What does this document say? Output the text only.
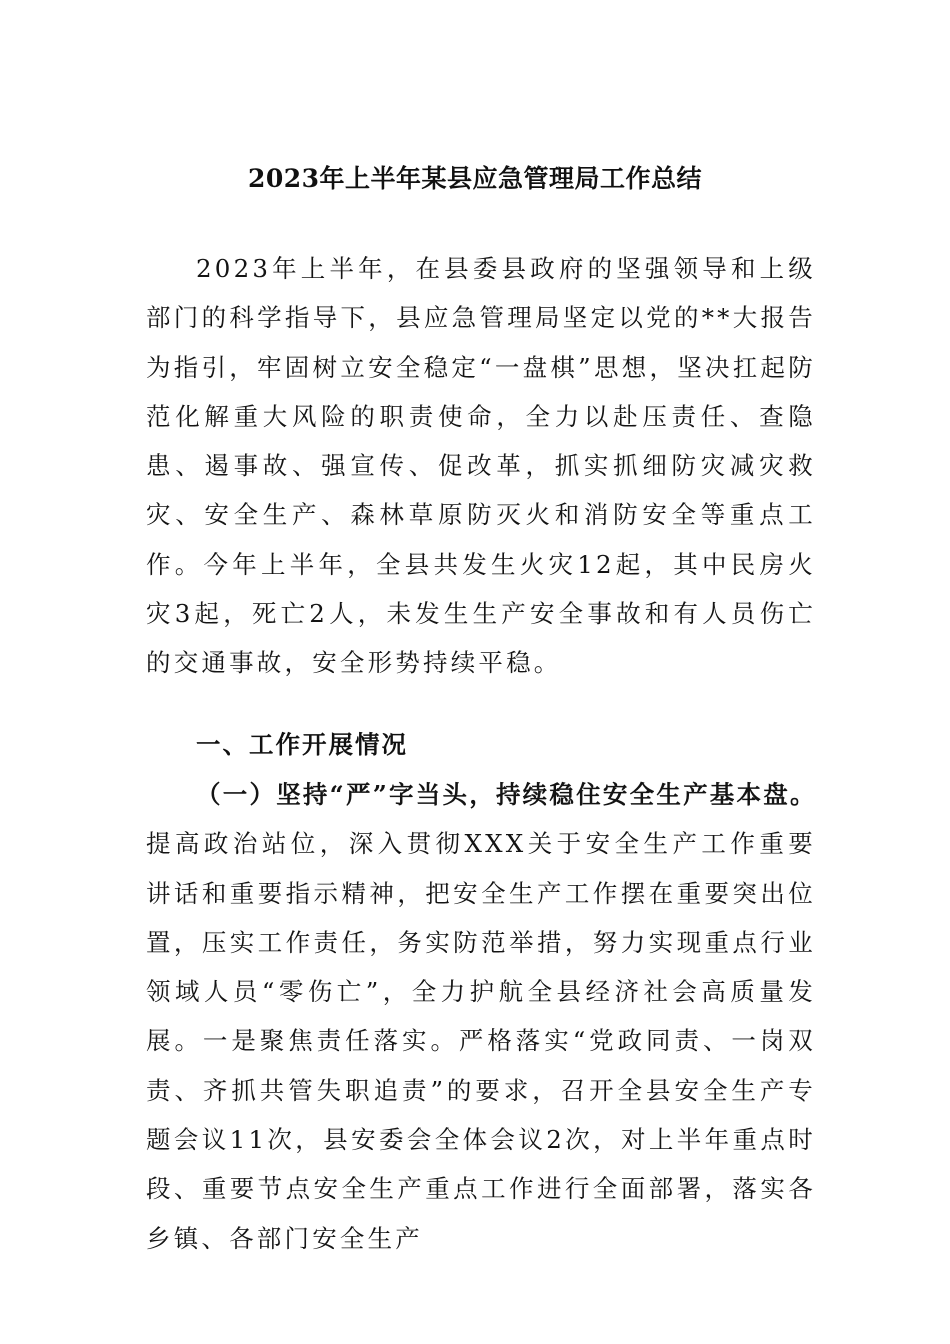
2023年上半年某县应急管理局工作总结

2023年上半年，在县委县政府的坚强领导和上级部门的科学指导下，县应急管理局坚定以党的**大报告为指引，牢固树立安全稳定“一盘棋”思想，坚决扛起防范化解重大风险的职责使命，全力以赴压责任、查隐患、遏事故、强宣传、促改革，抓实抓细防灾减灾救灾、安全生产、森林草原防灭火和消防安全等重点工作。今年上半年，全县共发生火灾12起，其中民房火灾3起，死亡2人，未发生生产安全事故和有人员伤亡的交通事故，安全形势持续平稳。

一、工作开展情况

（一）坚持“严”字当头，持续稳住安全生产基本盘。提高政治站位，深入贯彻XXX关于安全生产工作重要讲话和重要指示精神，把安全生产工作摆在重要突出位置，压实工作责任，务实防范举措，努力实现重点行业领域人员“零伤亡”，全力护航全县经济社会高质量发展。一是聚焦责任落实。严格落实“党政同责、一岗双责、齐抓共管失职追责”的要求，召开全县安全生产专题会议11次，县安委会全体会议2次，对上半年重点时段、重要节点安全生产重点工作进行全面部署，落实各乡镇、各部门安全生产
